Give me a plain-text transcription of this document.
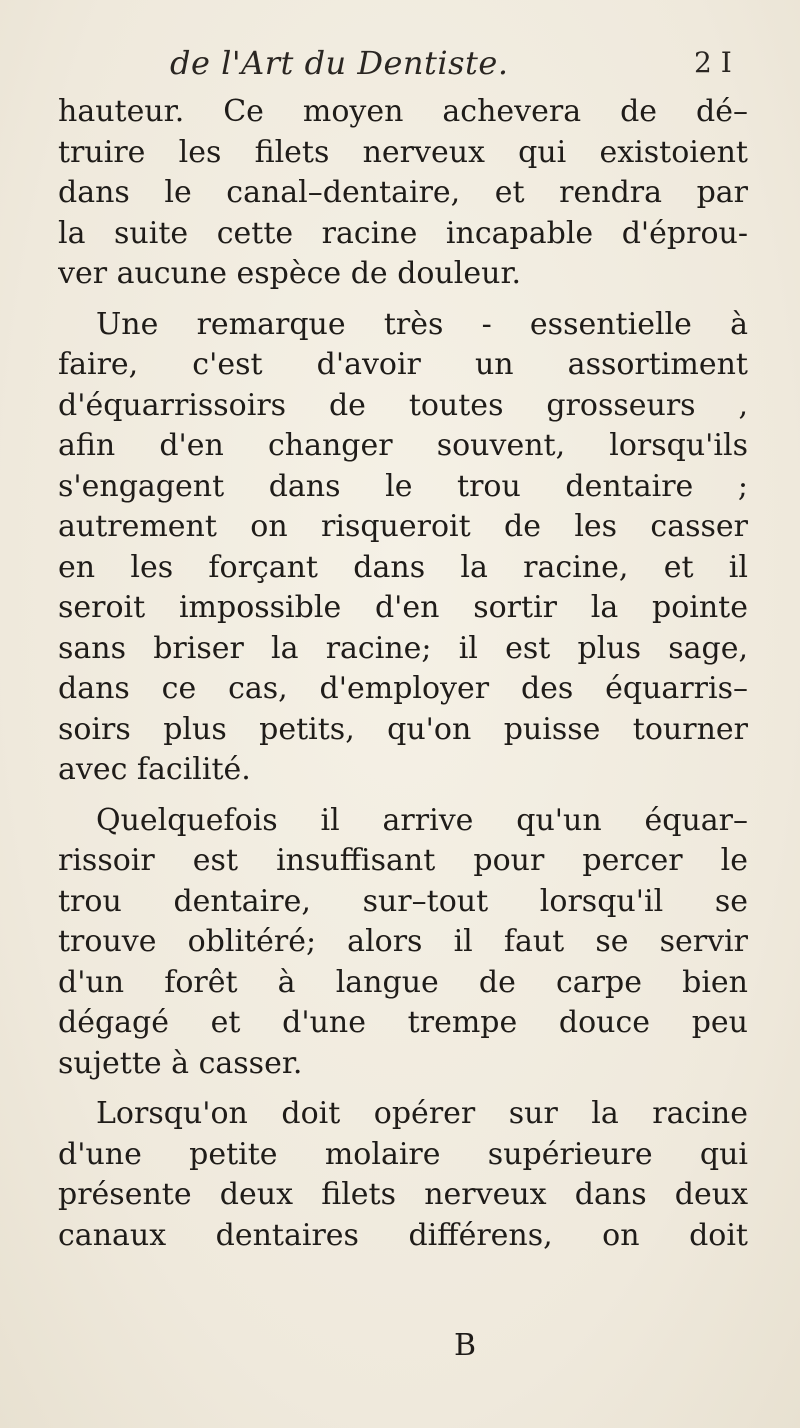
de l'Art du Dentiste.	2 I
hauteur. Ce moyen achevera de dé–
truire les filets nerveux qui existoient
dans le canal–dentaire, et rendra par
la suite cette racine incapable d'éprou-
ver aucune espèce de douleur.
Une remarque très - essentielle à
faire, c'est d'avoir un assortiment
d'équarrissoirs de toutes grosseurs ,
afin d'en changer souvent, lorsqu'ils
s'engagent dans le trou dentaire ;
autrement on risqueroit de les casser
en les forçant dans la racine, et il
seroit impossible d'en sortir la pointe
sans briser la racine; il est plus sage,
dans ce cas, d'employer des équarris–
soirs plus petits, qu'on puisse tourner
avec facilité.
Quelquefois il arrive qu'un équar–
rissoir est insuffisant pour percer le
trou dentaire, sur–tout lorsqu'il se
trouve oblitéré; alors il faut se servir
d'un forêt à langue de carpe bien
dégagé et d'une trempe douce peu
sujette à casser.
Lorsqu'on doit opérer sur la racine
d'une petite molaire supérieure qui
présente deux filets nerveux dans deux
canaux dentaires différens, on doit
B
